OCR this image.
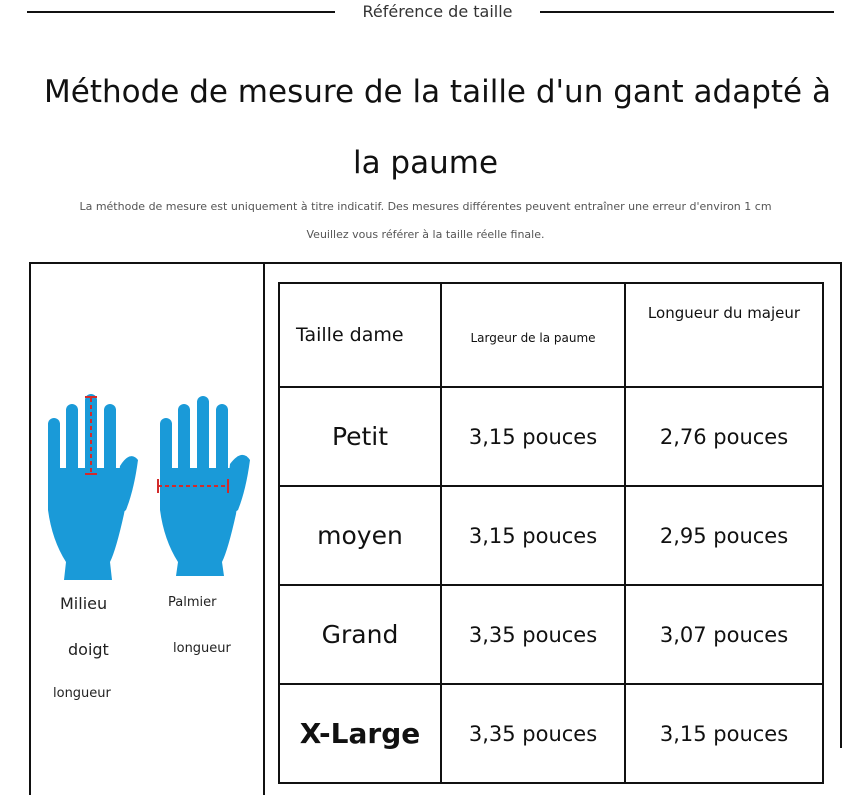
Référence de taille
Méthode de mesure de la taille d'un gant adapté à
la paume
La méthode de mesure est uniquement à titre indicatif. Des mesures différentes peuvent entraîner une erreur d'environ 1 cm
Veuillez vous référer à la taille réelle finale.
Milieu
doigt
longueur
Palmier
longueur
Taille dame	Largeur de la paume	Longueur du majeur
Petit	3,15 pouces	2,76 pouces
moyen	3,15 pouces	2,95 pouces
Grand	3,35 pouces	3,07 pouces
X-Large	3,35 pouces	3,15 pouces
